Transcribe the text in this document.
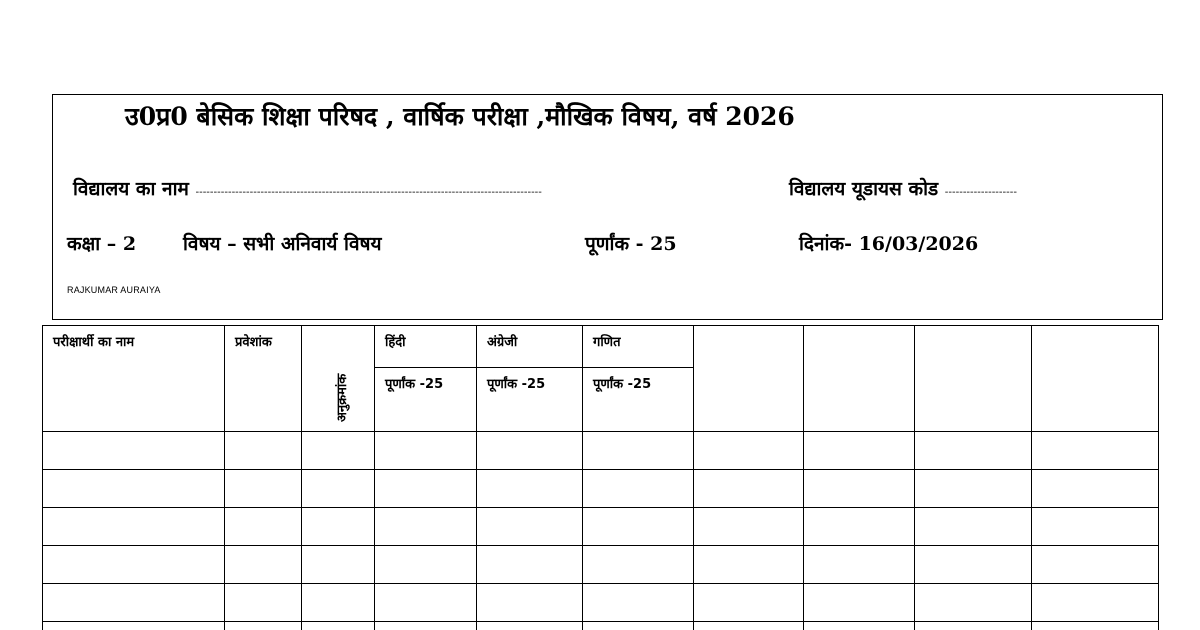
उ0प्र0 बेसिक शिक्षा परिषद , वार्षिक परीक्षा ,मौखिक विषय, वर्ष 2026
विद्यालय का नाम ------------------------------------------------------------------------------------------------	विद्यालय यूडायस कोड --------------------
कक्षा – 2 विषय – सभी अनिवार्य विषय	पूर्णांक - 25	दिनांक- 16/03/2026
RAJKUMAR AURAIYA
परीक्षार्थी का नाम	प्रवेशांक	अनुक्रमांक	हिंदी	अंग्रेजी	गणित				

			पूर्णांक -25	पूर्णांक -25	पूर्णांक -25				
